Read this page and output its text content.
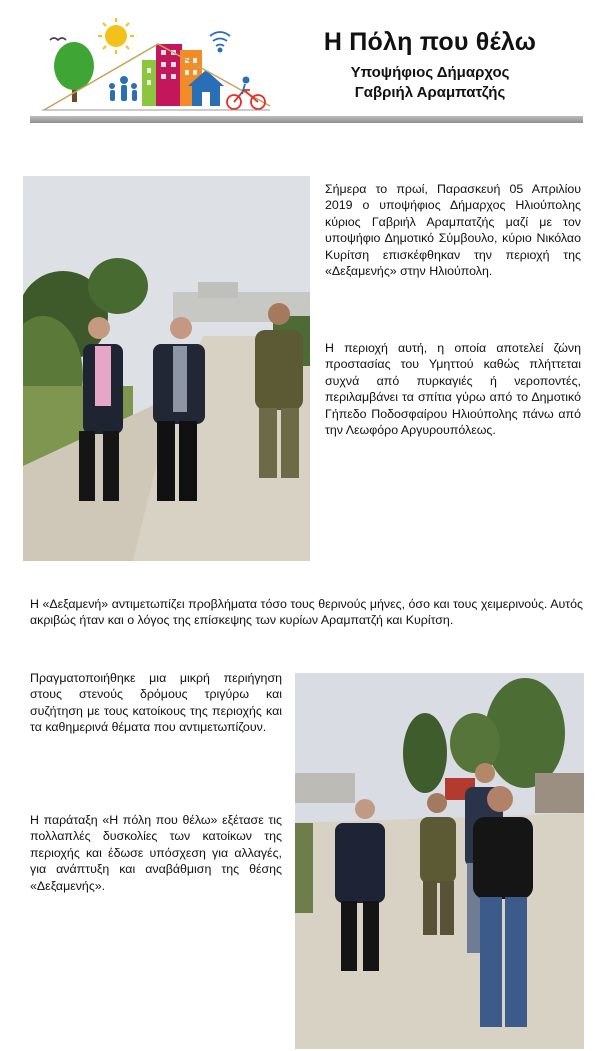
Η Πόλη που θέλω
Υποψήφιος Δήμαρχος
Γαβριήλ Αραμπατζής

Σήμερα το πρωί, Παρασκευή 05 Απριλίου 2019 ο υποψήφιος Δήμαρχος Ηλιούπολης κύριος Γαβριήλ Αραμπατζής μαζί με τον υποψήφιο Δημοτικό Σύμβουλο, κύριο Νικόλαο Κυρίτση επισκέφθηκαν την περιοχή της «Δεξαμενής» στην Ηλιούπολη.

Η περιοχή αυτή, η οποία αποτελεί ζώνη προστασίας του Υμηττού καθώς πλήττεται συχνά από πυρκαγιές ή νεροποντές, περιλαμβάνει τα σπίτια γύρω από το Δημοτικό Γήπεδο Ποδοσφαίρου Ηλιούπολης πάνω από την Λεωφόρο Αργυρουπόλεως.

Η «Δεξαμενή» αντιμετωπίζει προβλήματα τόσο τους θερινούς μήνες, όσο και τους χειμερινούς. Αυτός ακριβώς ήταν και ο λόγος της επίσκεψης των κυρίων Αραμπατζή και Κυρίτση.

Πραγματοποιήθηκε μια μικρή περιήγηση στους στενούς δρόμους τριγύρω και συζήτηση με τους κατοίκους της περιοχής και τα καθημερινά θέματα που αντιμετωπίζουν.

Η παράταξη «Η πόλη που θέλω» εξέτασε τις πολλαπλές δυσκολίες των κατοίκων της περιοχής και έδωσε υπόσχεση για αλλαγές, για ανάπτυξη και αναβάθμιση της θέσης «Δεξαμενής».
